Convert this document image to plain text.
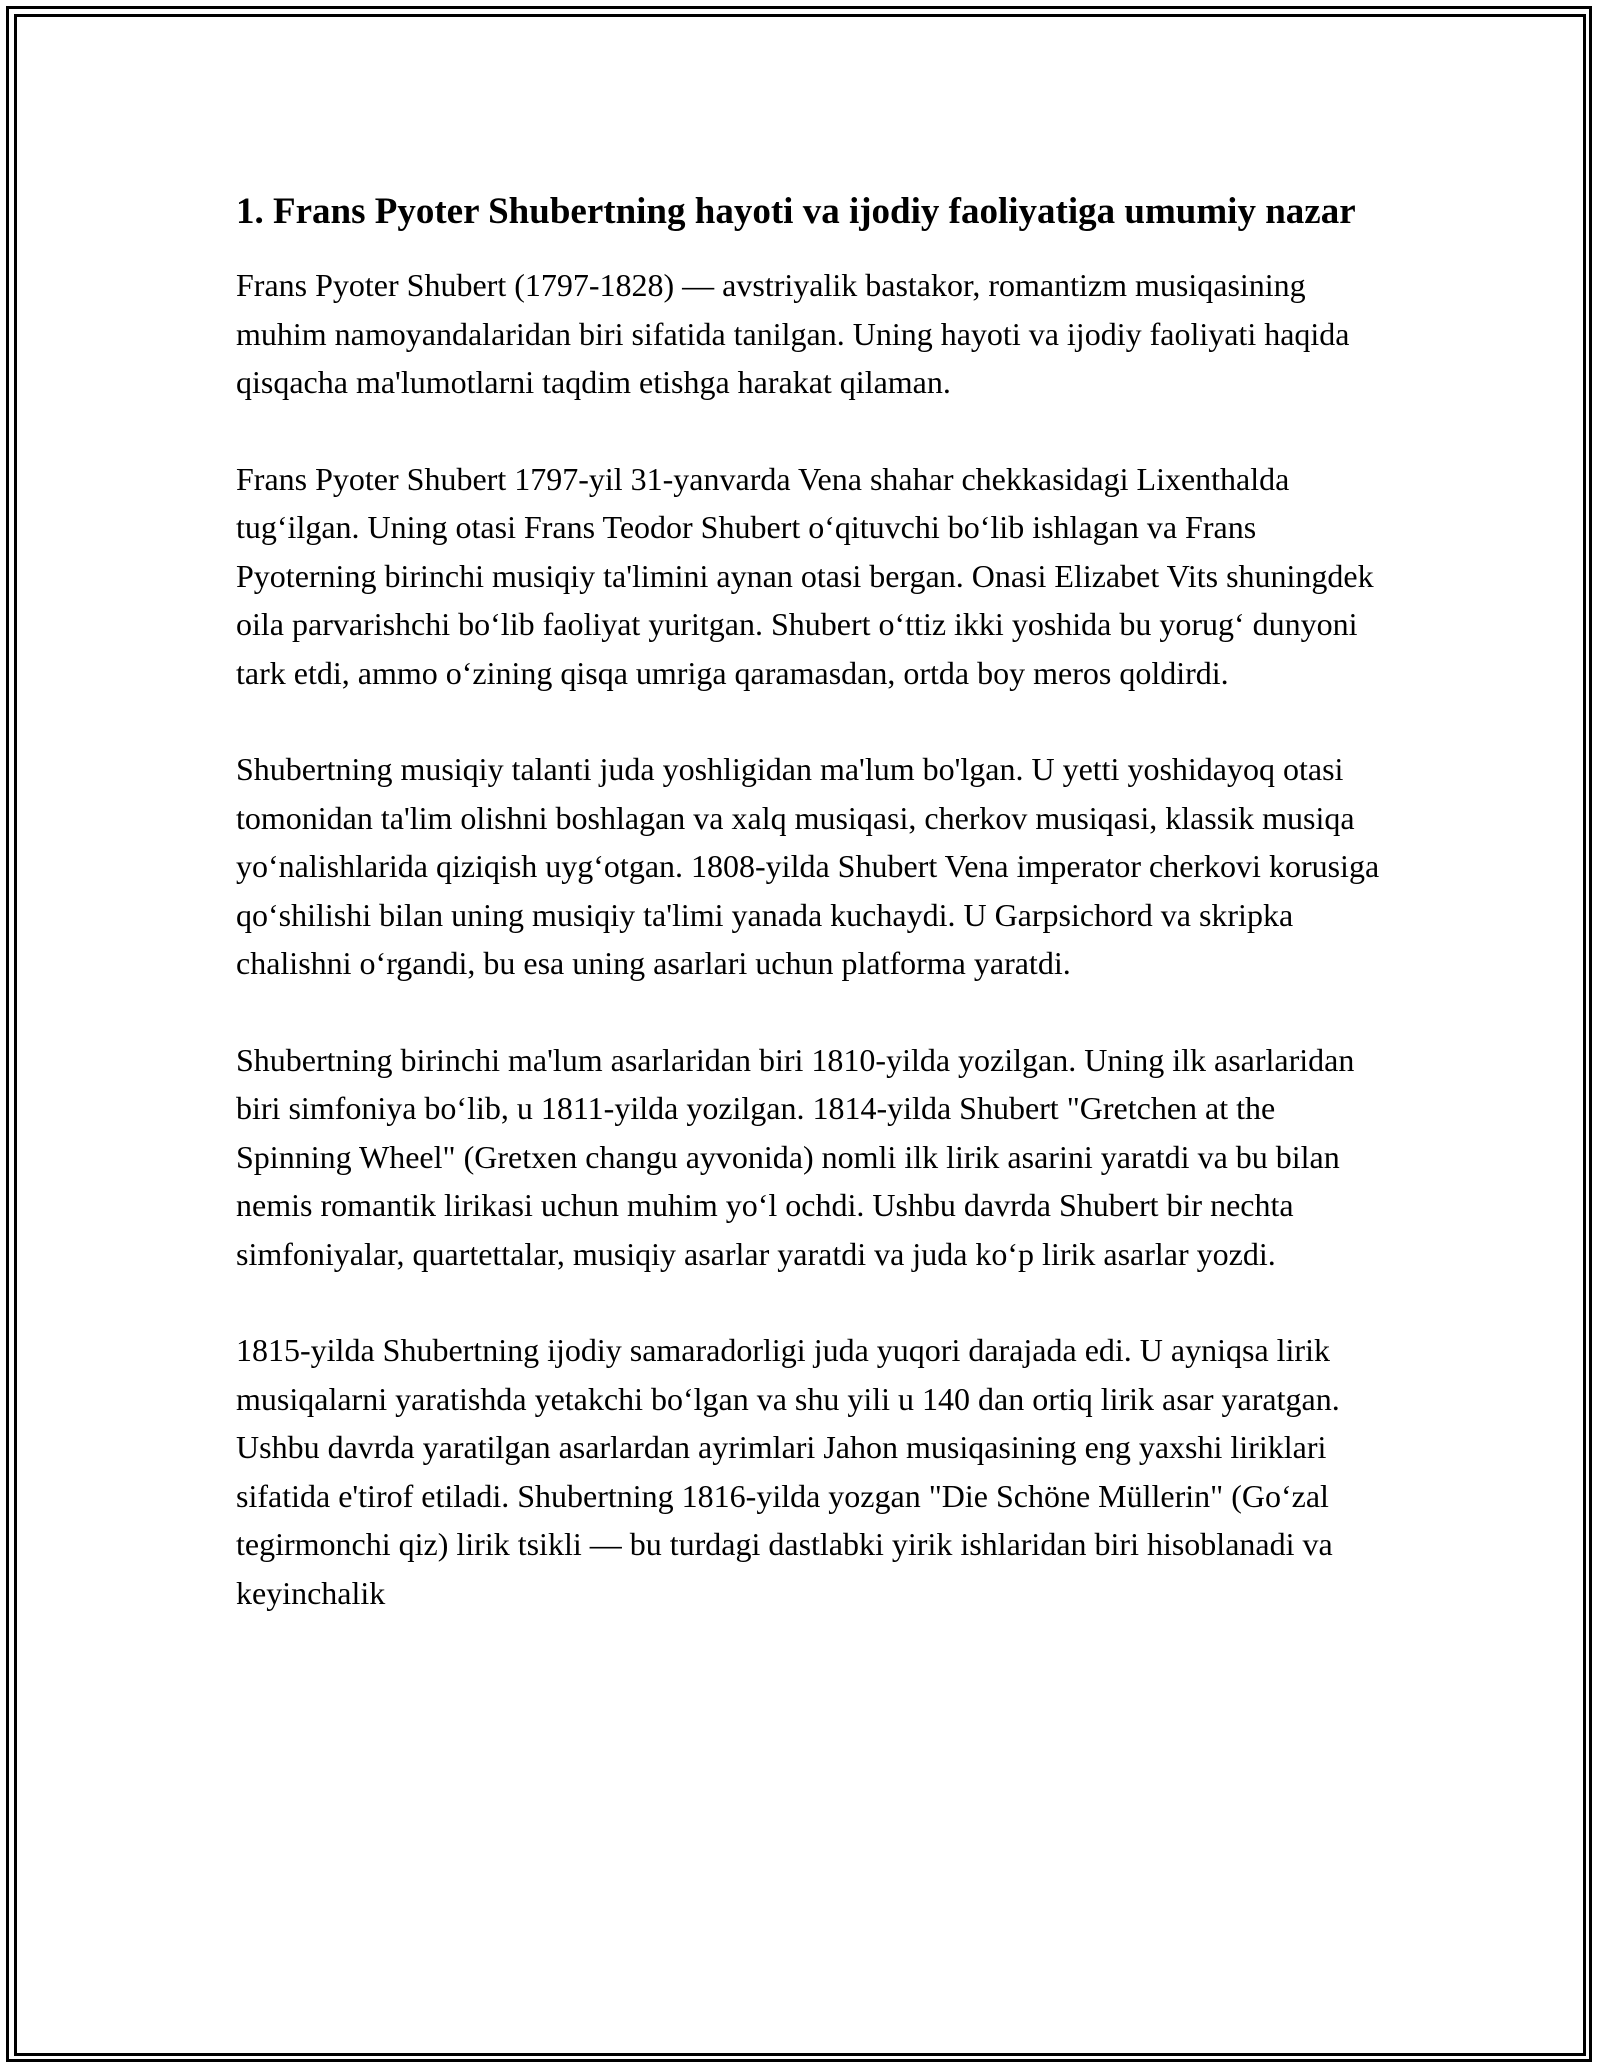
1. Frans Pyoter Shubertning hayoti va ijodiy faoliyatiga umumiy nazar

Frans Pyoter Shubert (1797-1828) — avstriyalik bastakor, romantizm musiqasining muhim namoyandalaridan biri sifatida tanilgan. Uning hayoti va ijodiy faoliyati haqida qisqacha ma'lumotlarni taqdim etishga harakat qilaman.

Frans Pyoter Shubert 1797-yil 31-yanvarda Vena shahar chekkasidagi Lixenthalda tug‘ilgan. Uning otasi Frans Teodor Shubert o‘qituvchi bo‘lib ishlagan va Frans Pyoterning birinchi musiqiy ta'limini aynan otasi bergan. Onasi Elizabet Vits shuningdek oila parvarishchi bo‘lib faoliyat yuritgan. Shubert o‘ttiz ikki yoshida bu yorug‘ dunyoni tark etdi, ammo o‘zining qisqa umriga qaramasdan, ortda boy meros qoldirdi.

Shubertning musiqiy talanti juda yoshligidan ma'lum bo'lgan. U yetti yoshidayoq otasi tomonidan ta'lim olishni boshlagan va xalq musiqasi, cherkov musiqasi, klassik musiqa yo‘nalishlarida qiziqish uyg‘otgan. 1808-yilda Shubert Vena imperator cherkovi korusiga qo‘shilishi bilan uning musiqiy ta'limi yanada kuchaydi. U Garpsichord va skripka chalishni o‘rgandi, bu esa uning asarlari uchun platforma yaratdi.

Shubertning birinchi ma'lum asarlaridan biri 1810-yilda yozilgan. Uning ilk asarlaridan biri simfoniya bo‘lib, u 1811-yilda yozilgan. 1814-yilda Shubert "Gretchen at the Spinning Wheel" (Gretxen changu ayvonida) nomli ilk lirik asarini yaratdi va bu bilan nemis romantik lirikasi uchun muhim yo‘l ochdi. Ushbu davrda Shubert bir nechta simfoniyalar, quartettalar, musiqiy asarlar yaratdi va juda ko‘p lirik asarlar yozdi.

1815-yilda Shubertning ijodiy samaradorligi juda yuqori darajada edi. U ayniqsa lirik musiqalarni yaratishda yetakchi bo‘lgan va shu yili u 140 dan ortiq lirik asar yaratgan. Ushbu davrda yaratilgan asarlardan ayrimlari Jahon musiqasining eng yaxshi liriklari sifatida e'tirof etiladi. Shubertning 1816-yilda yozgan "Die Schöne Müllerin" (Go‘zal tegirmonchi qiz) lirik tsikli — bu turdagi dastlabki yirik ishlaridan biri hisoblanadi va keyinchalik
